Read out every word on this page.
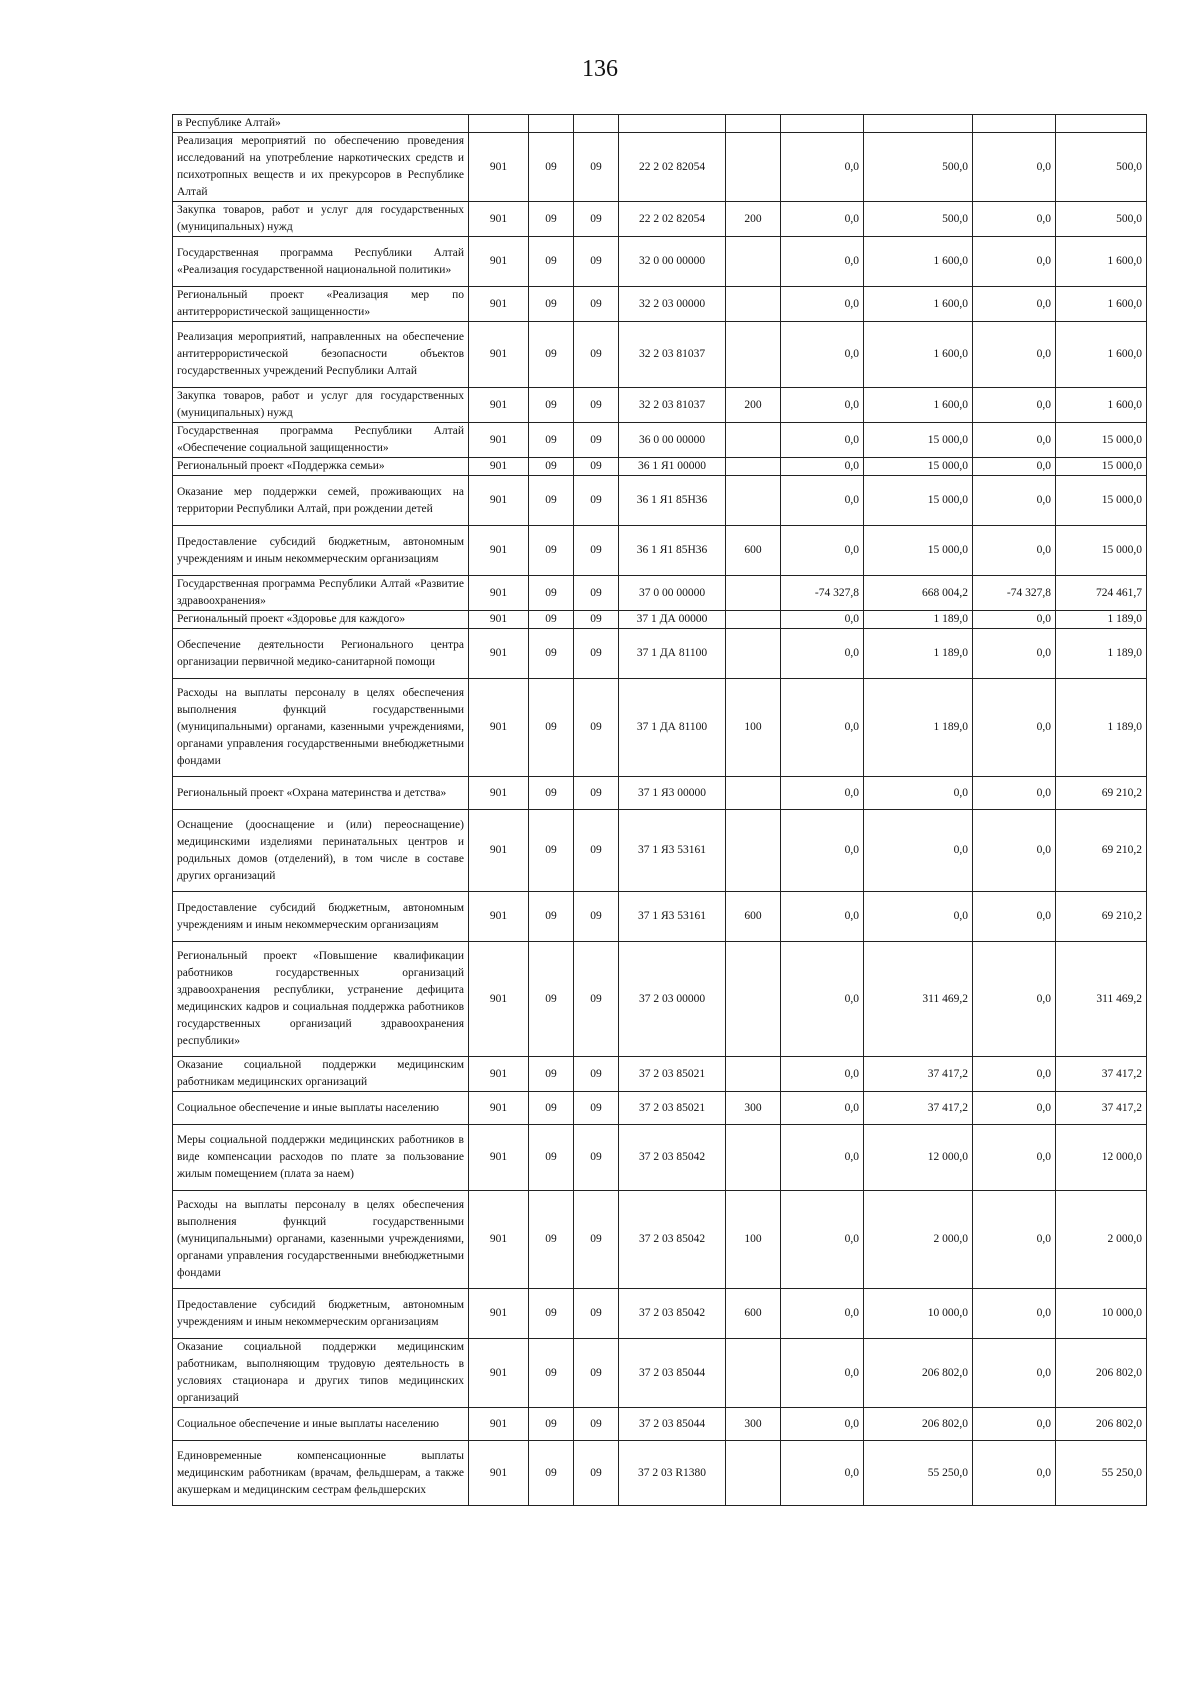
136
в Республике Алтай»									
Реализация мероприятий по обеспечению проведения исследований на употребление наркотических средств и психотропных веществ и их прекурсоров в Республике Алтай	901	09	09	22 2 02 82054		0,0	500,0	0,0	500,0
Закупка товаров, работ и услуг для государственных (муниципальных) нужд	901	09	09	22 2 02 82054	200	0,0	500,0	0,0	500,0
Государственная программа Республики Алтай «Реализация государственной национальной политики»	901	09	09	32 0 00 00000		0,0	1 600,0	0,0	1 600,0
Региональный проект «Реализация мер по антитеррористической защищенности»	901	09	09	32 2 03 00000		0,0	1 600,0	0,0	1 600,0
Реализация мероприятий, направленных на обеспечение антитеррористической безопасности объектов государственных учреждений Республики Алтай	901	09	09	32 2 03 81037		0,0	1 600,0	0,0	1 600,0
Закупка товаров, работ и услуг для государственных (муниципальных) нужд	901	09	09	32 2 03 81037	200	0,0	1 600,0	0,0	1 600,0
Государственная программа Республики Алтай «Обеспечение социальной защищенности»	901	09	09	36 0 00 00000		0,0	15 000,0	0,0	15 000,0
Региональный проект «Поддержка семьи»	901	09	09	36 1 Я1 00000		0,0	15 000,0	0,0	15 000,0
Оказание мер поддержки семей, проживающих на территории Республики Алтай, при рождении детей	901	09	09	36 1 Я1 85Н36		0,0	15 000,0	0,0	15 000,0
Предоставление субсидий бюджетным, автономным учреждениям и иным некоммерческим организациям	901	09	09	36 1 Я1 85Н36	600	0,0	15 000,0	0,0	15 000,0
Государственная программа Республики Алтай «Развитие здравоохранения»	901	09	09	37 0 00 00000		-74 327,8	668 004,2	-74 327,8	724 461,7
Региональный проект «Здоровье для каждого»	901	09	09	37 1 ДА 00000		0,0	1 189,0	0,0	1 189,0
Обеспечение деятельности Регионального центра организации первичной медико-санитарной помощи	901	09	09	37 1 ДА 81100		0,0	1 189,0	0,0	1 189,0
Расходы на выплаты персоналу в целях обеспечения выполнения функций государственными (муниципальными) органами, казенными учреждениями, органами управления государственными внебюджетными фондами	901	09	09	37 1 ДА 81100	100	0,0	1 189,0	0,0	1 189,0
Региональный проект «Охрана материнства и детства»	901	09	09	37 1 Я3 00000		0,0	0,0	0,0	69 210,2
Оснащение (дооснащение и (или) переоснащение) медицинскими изделиями перинатальных центров и родильных домов (отделений), в том числе в составе других организаций	901	09	09	37 1 Я3 53161		0,0	0,0	0,0	69 210,2
Предоставление субсидий бюджетным, автономным учреждениям и иным некоммерческим организациям	901	09	09	37 1 Я3 53161	600	0,0	0,0	0,0	69 210,2
Региональный проект «Повышение квалификации работников государственных организаций здравоохранения республики, устранение дефицита медицинских кадров и социальная поддержка работников государственных организаций здравоохранения республики»	901	09	09	37 2 03 00000		0,0	311 469,2	0,0	311 469,2
Оказание социальной поддержки медицинским работникам медицинских организаций	901	09	09	37 2 03 85021		0,0	37 417,2	0,0	37 417,2
Социальное обеспечение и иные выплаты населению	901	09	09	37 2 03 85021	300	0,0	37 417,2	0,0	37 417,2
Меры социальной поддержки медицинских работников в виде компенсации расходов по плате за пользование жилым помещением (плата за наем)	901	09	09	37 2 03 85042		0,0	12 000,0	0,0	12 000,0
Расходы на выплаты персоналу в целях обеспечения выполнения функций государственными (муниципальными) органами, казенными учреждениями, органами управления государственными внебюджетными фондами	901	09	09	37 2 03 85042	100	0,0	2 000,0	0,0	2 000,0
Предоставление субсидий бюджетным, автономным учреждениям и иным некоммерческим организациям	901	09	09	37 2 03 85042	600	0,0	10 000,0	0,0	10 000,0
Оказание социальной поддержки медицинским работникам, выполняющим трудовую деятельность в условиях стационара и других типов медицинских организаций	901	09	09	37 2 03 85044		0,0	206 802,0	0,0	206 802,0
Социальное обеспечение и иные выплаты населению	901	09	09	37 2 03 85044	300	0,0	206 802,0	0,0	206 802,0
Единовременные компенсационные выплаты медицинским работникам (врачам, фельдшерам, а также акушеркам и медицинским сестрам фельдшерских	901	09	09	37 2 03 R1380		0,0	55 250,0	0,0	55 250,0
